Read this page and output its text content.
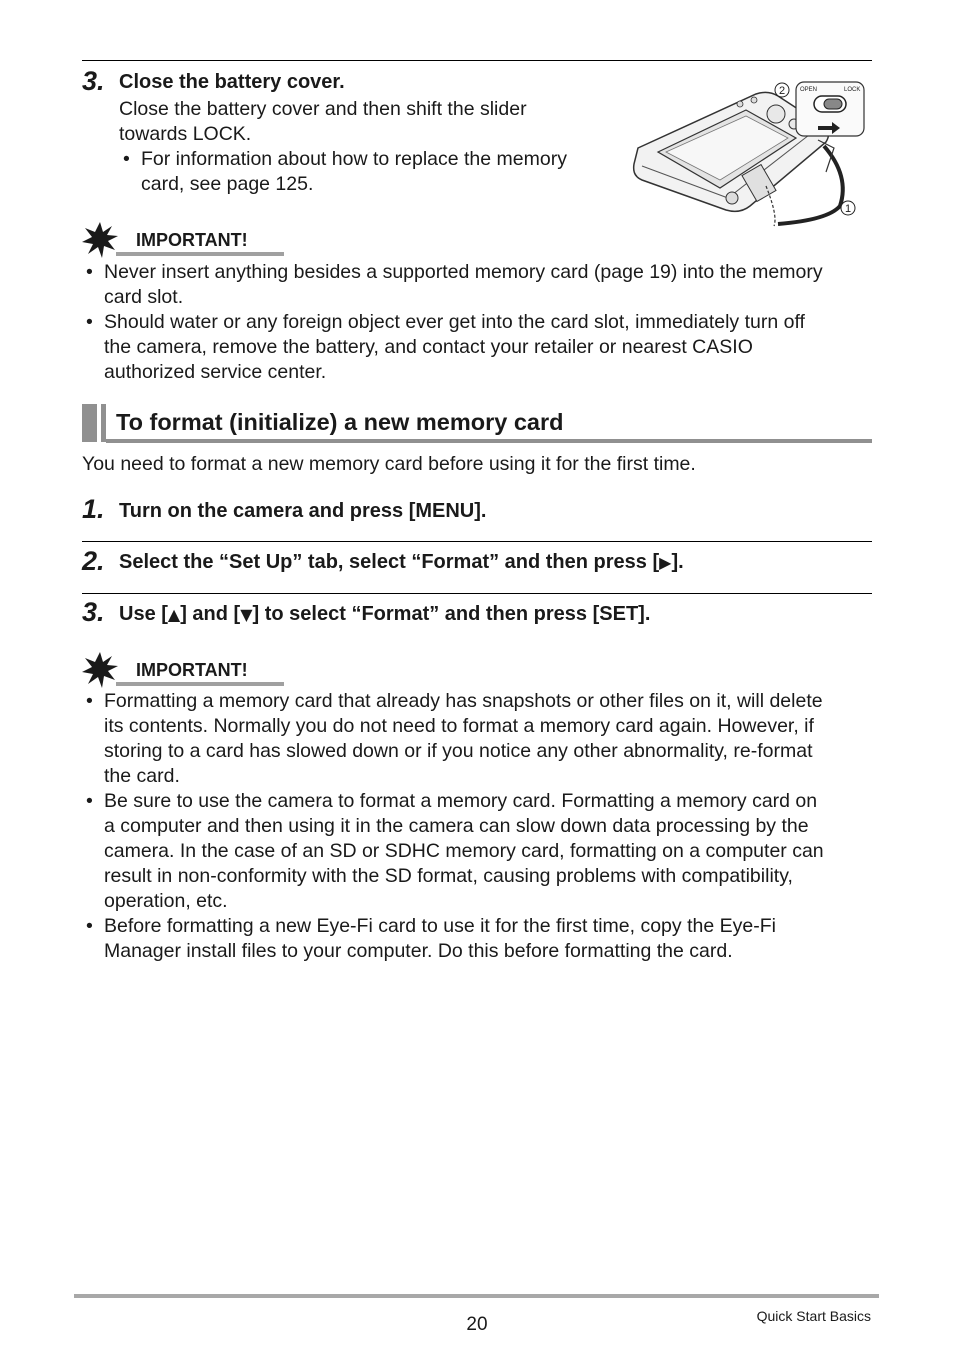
3. Close the battery cover.
Close the battery cover and then shift the slider
towards LOCK.
• For information about how to replace the memory
card, see page 125.
OPEN	LOCK
2
1
IMPORTANT!
• Never insert anything besides a supported memory card (page 19) into the memory
card slot.
• Should water or any foreign object ever get into the card slot, immediately turn off
the camera, remove the battery, and contact your retailer or nearest CASIO
authorized service center.
To format (initialize) a new memory card
You need to format a new memory card before using it for the first time.
1. Turn on the camera and press [MENU].
2. Select the “Set Up” tab, select “Format” and then press [▶].
3. Use [▲] and [▼] to select “Format” and then press [SET].
IMPORTANT!
• Formatting a memory card that already has snapshots or other files on it, will delete
its contents. Normally you do not need to format a memory card again. However, if
storing to a card has slowed down or if you notice any other abnormality, re-format
the card.
• Be sure to use the camera to format a memory card. Formatting a memory card on
a computer and then using it in the camera can slow down data processing by the
camera. In the case of an SD or SDHC memory card, formatting on a computer can
result in non-conformity with the SD format, causing problems with compatibility,
operation, etc.
• Before formatting a new Eye-Fi card to use it for the first time, copy the Eye-Fi
Manager install files to your computer. Do this before formatting the card.
20	Quick Start Basics
